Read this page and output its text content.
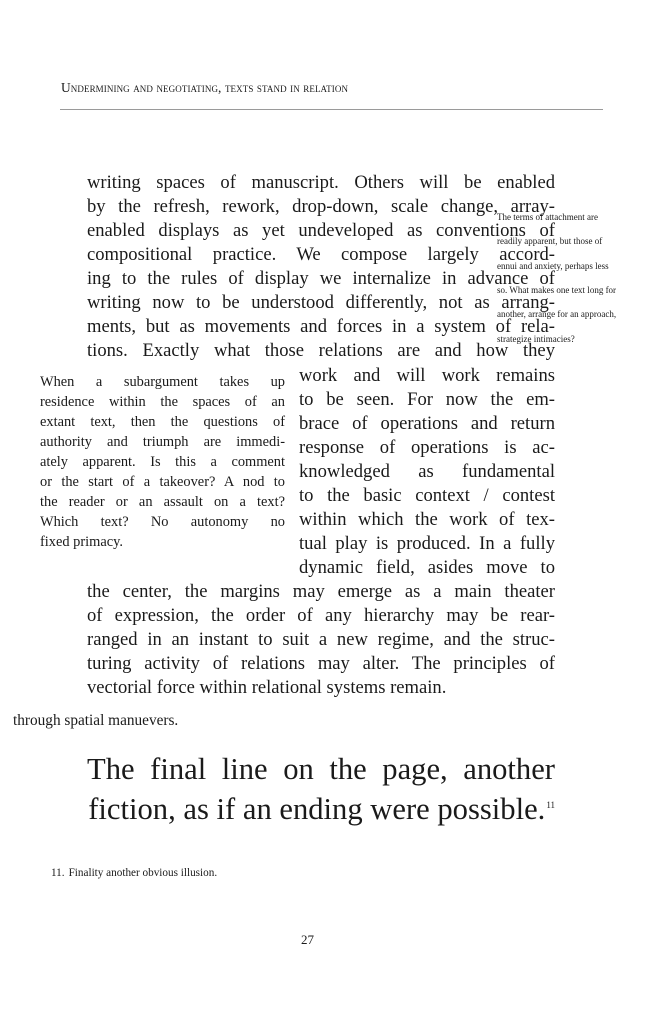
Undermining and negotiating, texts stand in relation
writing spaces of manuscript. Others will be enabled
by the refresh, rework, drop-down, scale change, array-
enabled displays as yet undeveloped as conventions of
compositional practice. We compose largely accord-
ing to the rules of display we internalize in advance of
writing now to be understood differently, not as arrang-
ments, but as movements and forces in a system of rela-
tions. Exactly what those relations are and how they
work and will work remains
to be seen. For now the em-
brace of operations and return
response of operations is ac-
knowledged as fundamental
to the basic context / contest
within which the work of tex-
tual play is produced. In a fully
dynamic field, asides move to
the center, the margins may emerge as a main theater
of expression, the order of any hierarchy may be rear-
ranged in an instant to suit a new regime, and the struc-
turing activity of relations may alter. The principles of
vectorial force within relational systems remain.
The terms of attachment are
readily apparent, but those of
ennui and anxiety, perhaps less
so. What makes one text long for
another, arrange for an approach,
strategize intimacies?
When a subargument takes up
residence within the spaces of an
extant text, then the questions of
authority and triumph are immedi-
ately apparent. Is this a comment
or the start of a takeover? A nod to
the reader or an assault on a text?
Which text? No autonomy no
fixed primacy.
through spatial manuevers.
The final line on the page, another
fiction, as if an ending were possible.$^{11}$
11. Finality another obvious illusion.
27
